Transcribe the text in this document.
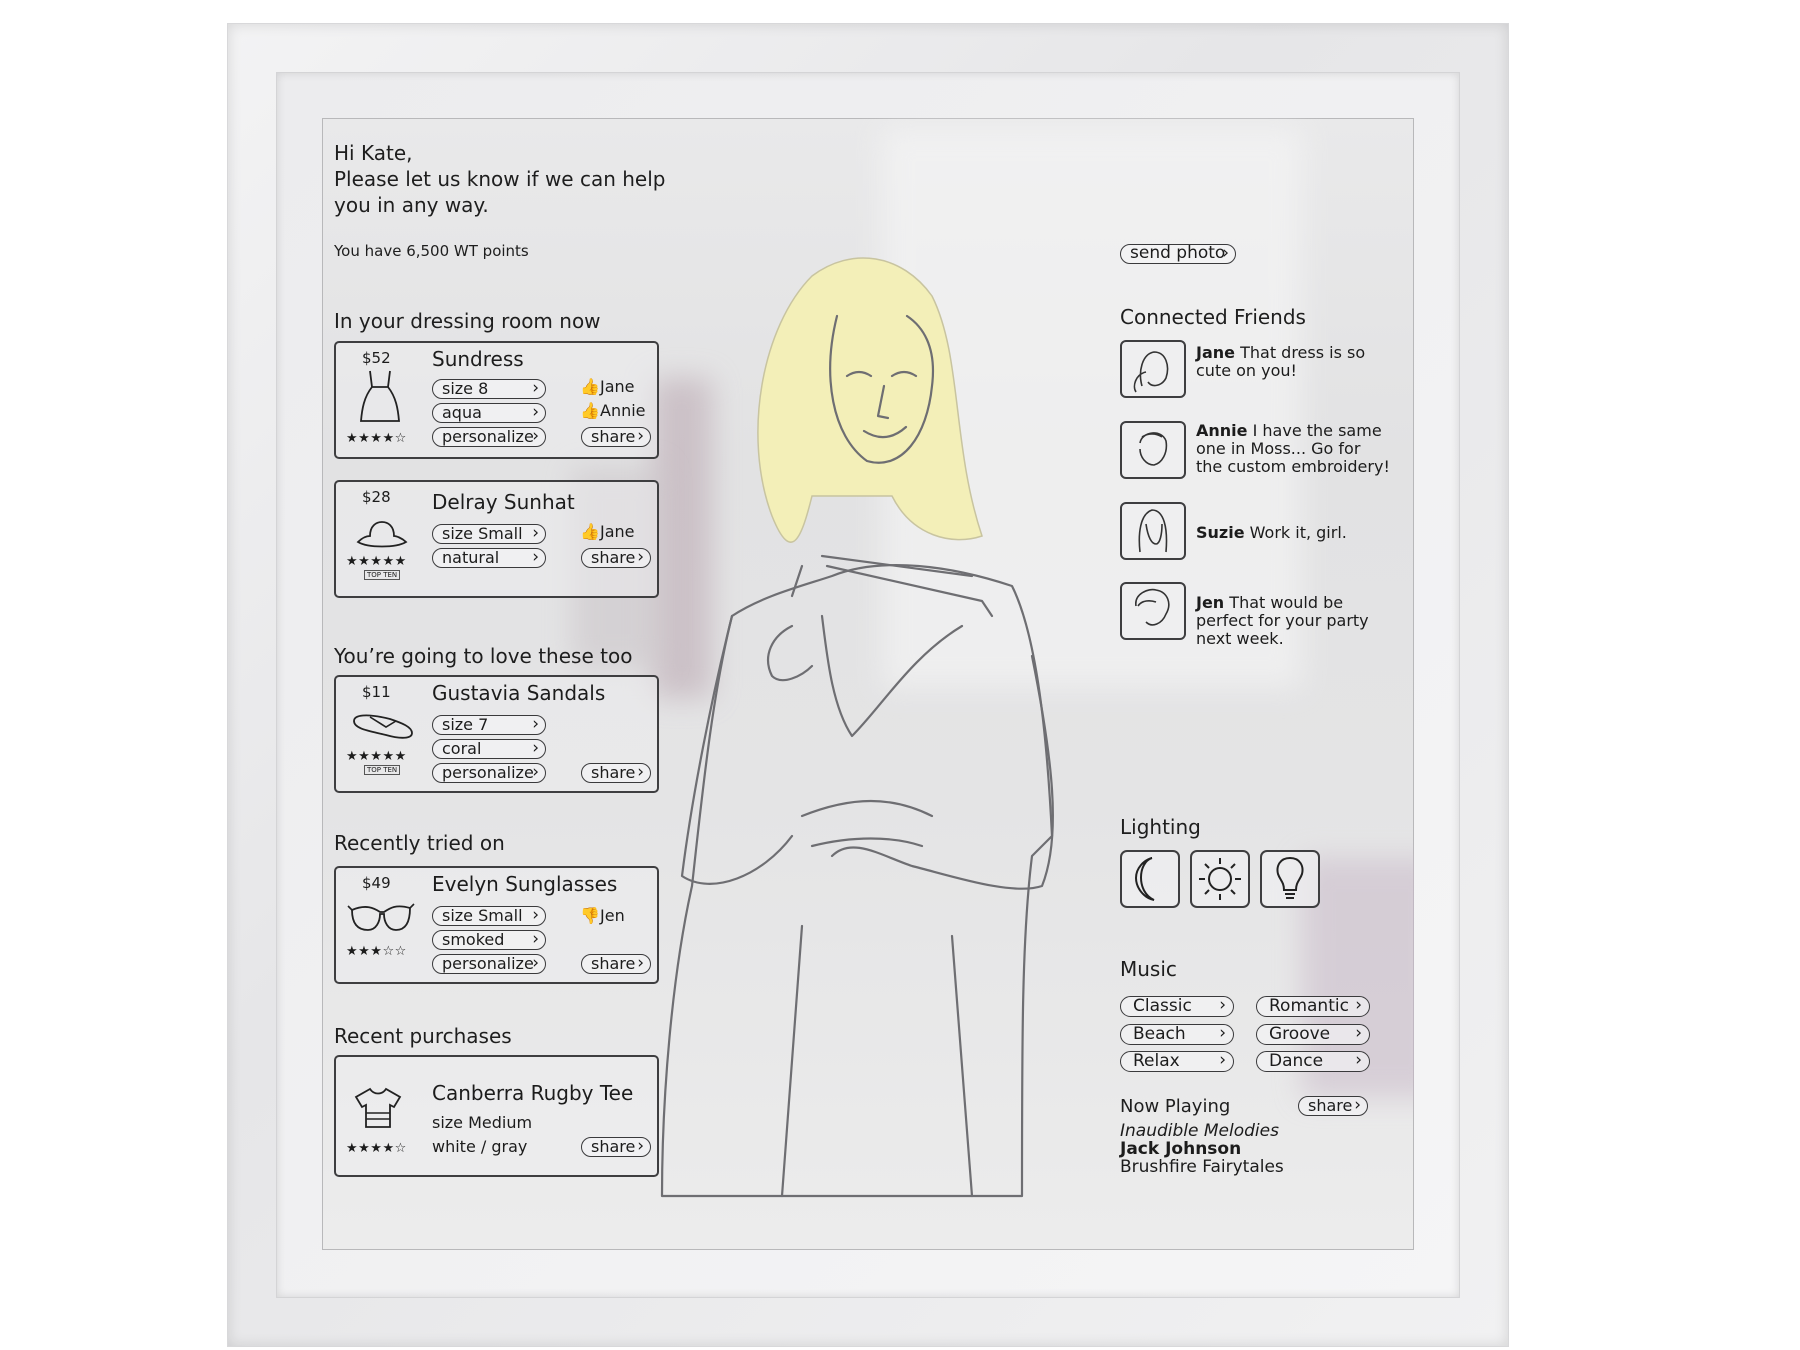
Hi Kate,
Please let us know if we can help
you in any way.
You have 6,500 WT points
In your dressing room now
$52
★★★★☆
Sundress
size 8 ›
aqua ›
personalize ›
👍Jane
👍Annie
share ›
$28
★★★★★
TOP TEN
Delray Sunhat
size Small ›
natural ›
👍Jane
share ›
You’re going to love these too
$11
★★★★★
TOP TEN
Gustavia Sandals
size 7 ›
coral ›
personalize ›	share ›
Recently tried on
$49
★★★☆☆
Evelyn Sunglasses
size Small ›
smoked ›
personalize ›
👎Jen
share ›
Recent purchases
★★★★☆
Canberra Rugby Tee
size Medium
white / gray	share ›
send photo ›
Connected Friends
Jane That dress is so cute on you!
Annie I have the same one in Moss... Go for the custom embroidery!
Suzie Work it, girl.
Jen That would be perfect for your party next week.
Lighting
Music
Classic ›	Romantic ›
Beach ›	Groove ›
Relax ›	Dance ›
Now Playing	share ›
Inaudible Melodies
Jack Johnson
Brushfire Fairytales
